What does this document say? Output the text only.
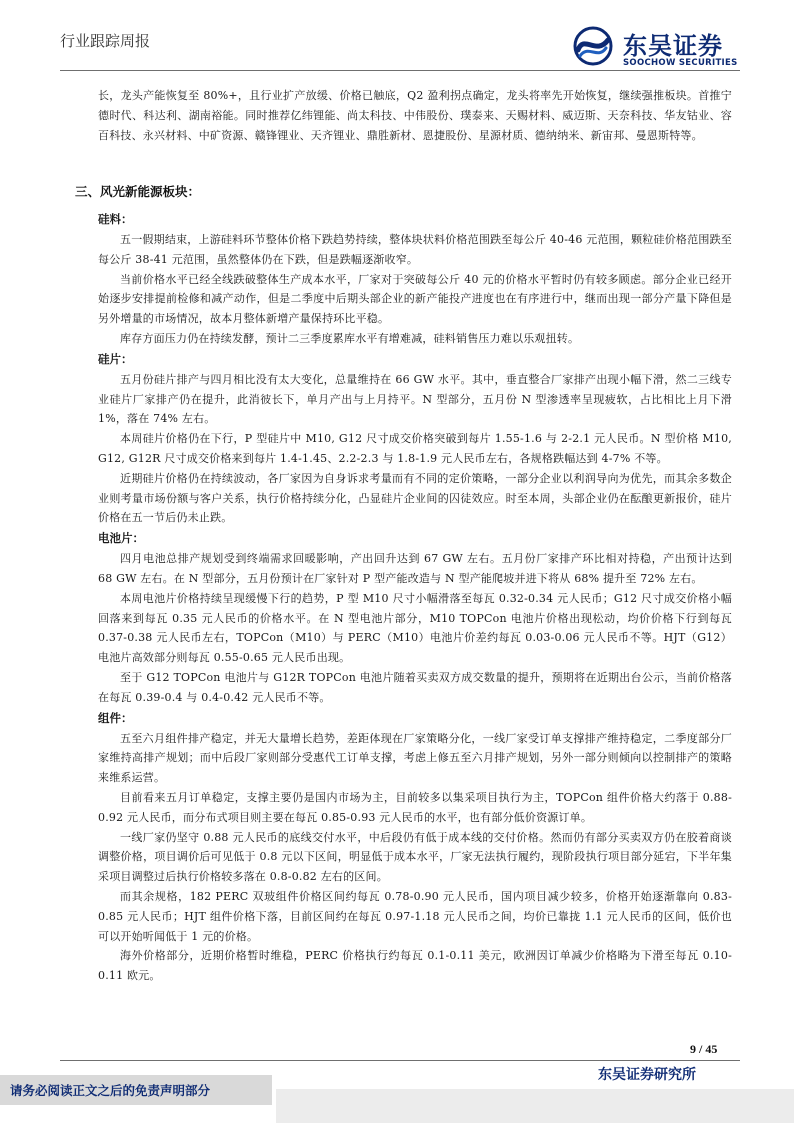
行业跟踪周报	东吴证券
SOOCHOW SECURITIES

长，龙头产能恢复至 80%+，且行业扩产放缓、价格已触底，Q2 盈利拐点确定，龙头将率先开始恢复，继续强推板块。首推宁德时代、科达利、湖南裕能。同时推荐亿纬锂能、尚太科技、中伟股份、璞泰来、天赐材料、威迈斯、天奈科技、华友钴业、容百科技、永兴材料、中矿资源、赣锋锂业、天齐锂业、鼎胜新材、恩捷股份、星源材质、德纳纳米、新宙邦、曼恩斯特等。

三、风光新能源板块：

硅料：

五一假期结束，上游硅料环节整体价格下跌趋势持续，整体块状料价格范围跌至每公斤 40-46 元范围，颗粒硅价格范围跌至每公斤 38-41 元范围，虽然整体仍在下跌，但是跌幅逐渐收窄。

当前价格水平已经全线跌破整体生产成本水平，厂家对于突破每公斤 40 元的价格水平暂时仍有较多顾虑。部分企业已经开始逐步安排提前检修和减产动作，但是二季度中后期头部企业的新产能投产进度也在有序进行中，继而出现一部分产量下降但是另外增量的市场情况，故本月整体新增产量保持环比平稳。

库存方面压力仍在持续发酵，预计二三季度累库水平有增难减，硅料销售压力难以乐观扭转。

硅片：

五月份硅片排产与四月相比没有太大变化，总量维持在 66 GW 水平。其中，垂直整合厂家排产出现小幅下滑，然二三线专业硅片厂家排产仍在提升，此消彼长下，单月产出与上月持平。N 型部分，五月份 N 型渗透率呈现疲软，占比相比上月下滑 1%，落在 74% 左右。

本周硅片价格仍在下行，P 型硅片中 M10, G12 尺寸成交价格突破到每片 1.55-1.6 与 2-2.1 元人民币。N 型价格 M10, G12, G12R 尺寸成交价格来到每片 1.4-1.45、2.2-2.3 与 1.8-1.9 元人民币左右，各规格跌幅达到 4-7% 不等。

近期硅片价格仍在持续波动，各厂家因为自身诉求考量而有不同的定价策略，一部分企业以利润导向为优先，而其余多数企业则考量市场份额与客户关系，执行价格持续分化，凸显硅片企业间的囚徒效应。时至本周，头部企业仍在酝酿更新报价，硅片价格在五一节后仍未止跌。

电池片：

四月电池总排产规划受到终端需求回暖影响，产出回升达到 67 GW 左右。五月份厂家排产环比相对持稳，产出预计达到 68 GW 左右。在 N 型部分，五月份预计在厂家针对 P 型产能改造与 N 型产能爬坡并进下将从 68% 提升至 72% 左右。

本周电池片价格持续呈现缓慢下行的趋势，P 型 M10 尺寸小幅滑落至每瓦 0.32-0.34 元人民币；G12 尺寸成交价格小幅回落来到每瓦 0.35 元人民币的价格水平。在 N 型电池片部分，M10 TOPCon 电池片价格出现松动，均价价格下行到每瓦 0.37-0.38 元人民币左右，TOPCon（M10）与 PERC（M10）电池片价差约每瓦 0.03-0.06 元人民币不等。HJT（G12）电池片高效部分则每瓦 0.55-0.65 元人民币出现。

至于 G12 TOPCon 电池片与 G12R TOPCon 电池片随着买卖双方成交数量的提升，预期将在近期出台公示，当前价格落在每瓦 0.39-0.4 与 0.4-0.42 元人民币不等。

组件：

五至六月组件排产稳定，并无大量增长趋势，差距体现在厂家策略分化，一线厂家受订单支撑排产维持稳定，二季度部分厂家维持高排产规划；而中后段厂家则部分受惠代工订单支撑，考虑上修五至六月排产规划，另外一部分则倾向以控制排产的策略来维系运营。

目前看来五月订单稳定，支撑主要仍是国内市场为主，目前较多以集采项目执行为主，TOPCon 组件价格大约落于 0.88-0.92 元人民币，而分布式项目则主要在每瓦 0.85-0.93 元人民币的水平，也有部分低价资源订单。

一线厂家仍坚守 0.88 元人民币的底线交付水平，中后段仍有低于成本线的交付价格。然而仍有部分买卖双方仍在胶着商谈调整价格，项目调价后可见低于 0.8 元以下区间，明显低于成本水平，厂家无法执行履约，现阶段执行项目部分延宕，下半年集采项目调整过后执行价格较多落在 0.8-0.82 左右的区间。

而其余规格，182 PERC 双玻组件价格区间约每瓦 0.78-0.90 元人民币，国内项目减少较多，价格开始逐渐靠向 0.83-0.85 元人民币；HJT 组件价格下落，目前区间约在每瓦 0.97-1.18 元人民币之间，均价已靠拢 1.1 元人民币的区间，低价也可以开始听闻低于 1 元的价格。

海外价格部分，近期价格暂时维稳，PERC 价格执行约每瓦 0.1-0.11 美元，欧洲因订单减少价格略为下滑至每瓦 0.10-0.11 欧元。

9 / 45
东吴证券研究所
请务必阅读正文之后的免责声明部分
